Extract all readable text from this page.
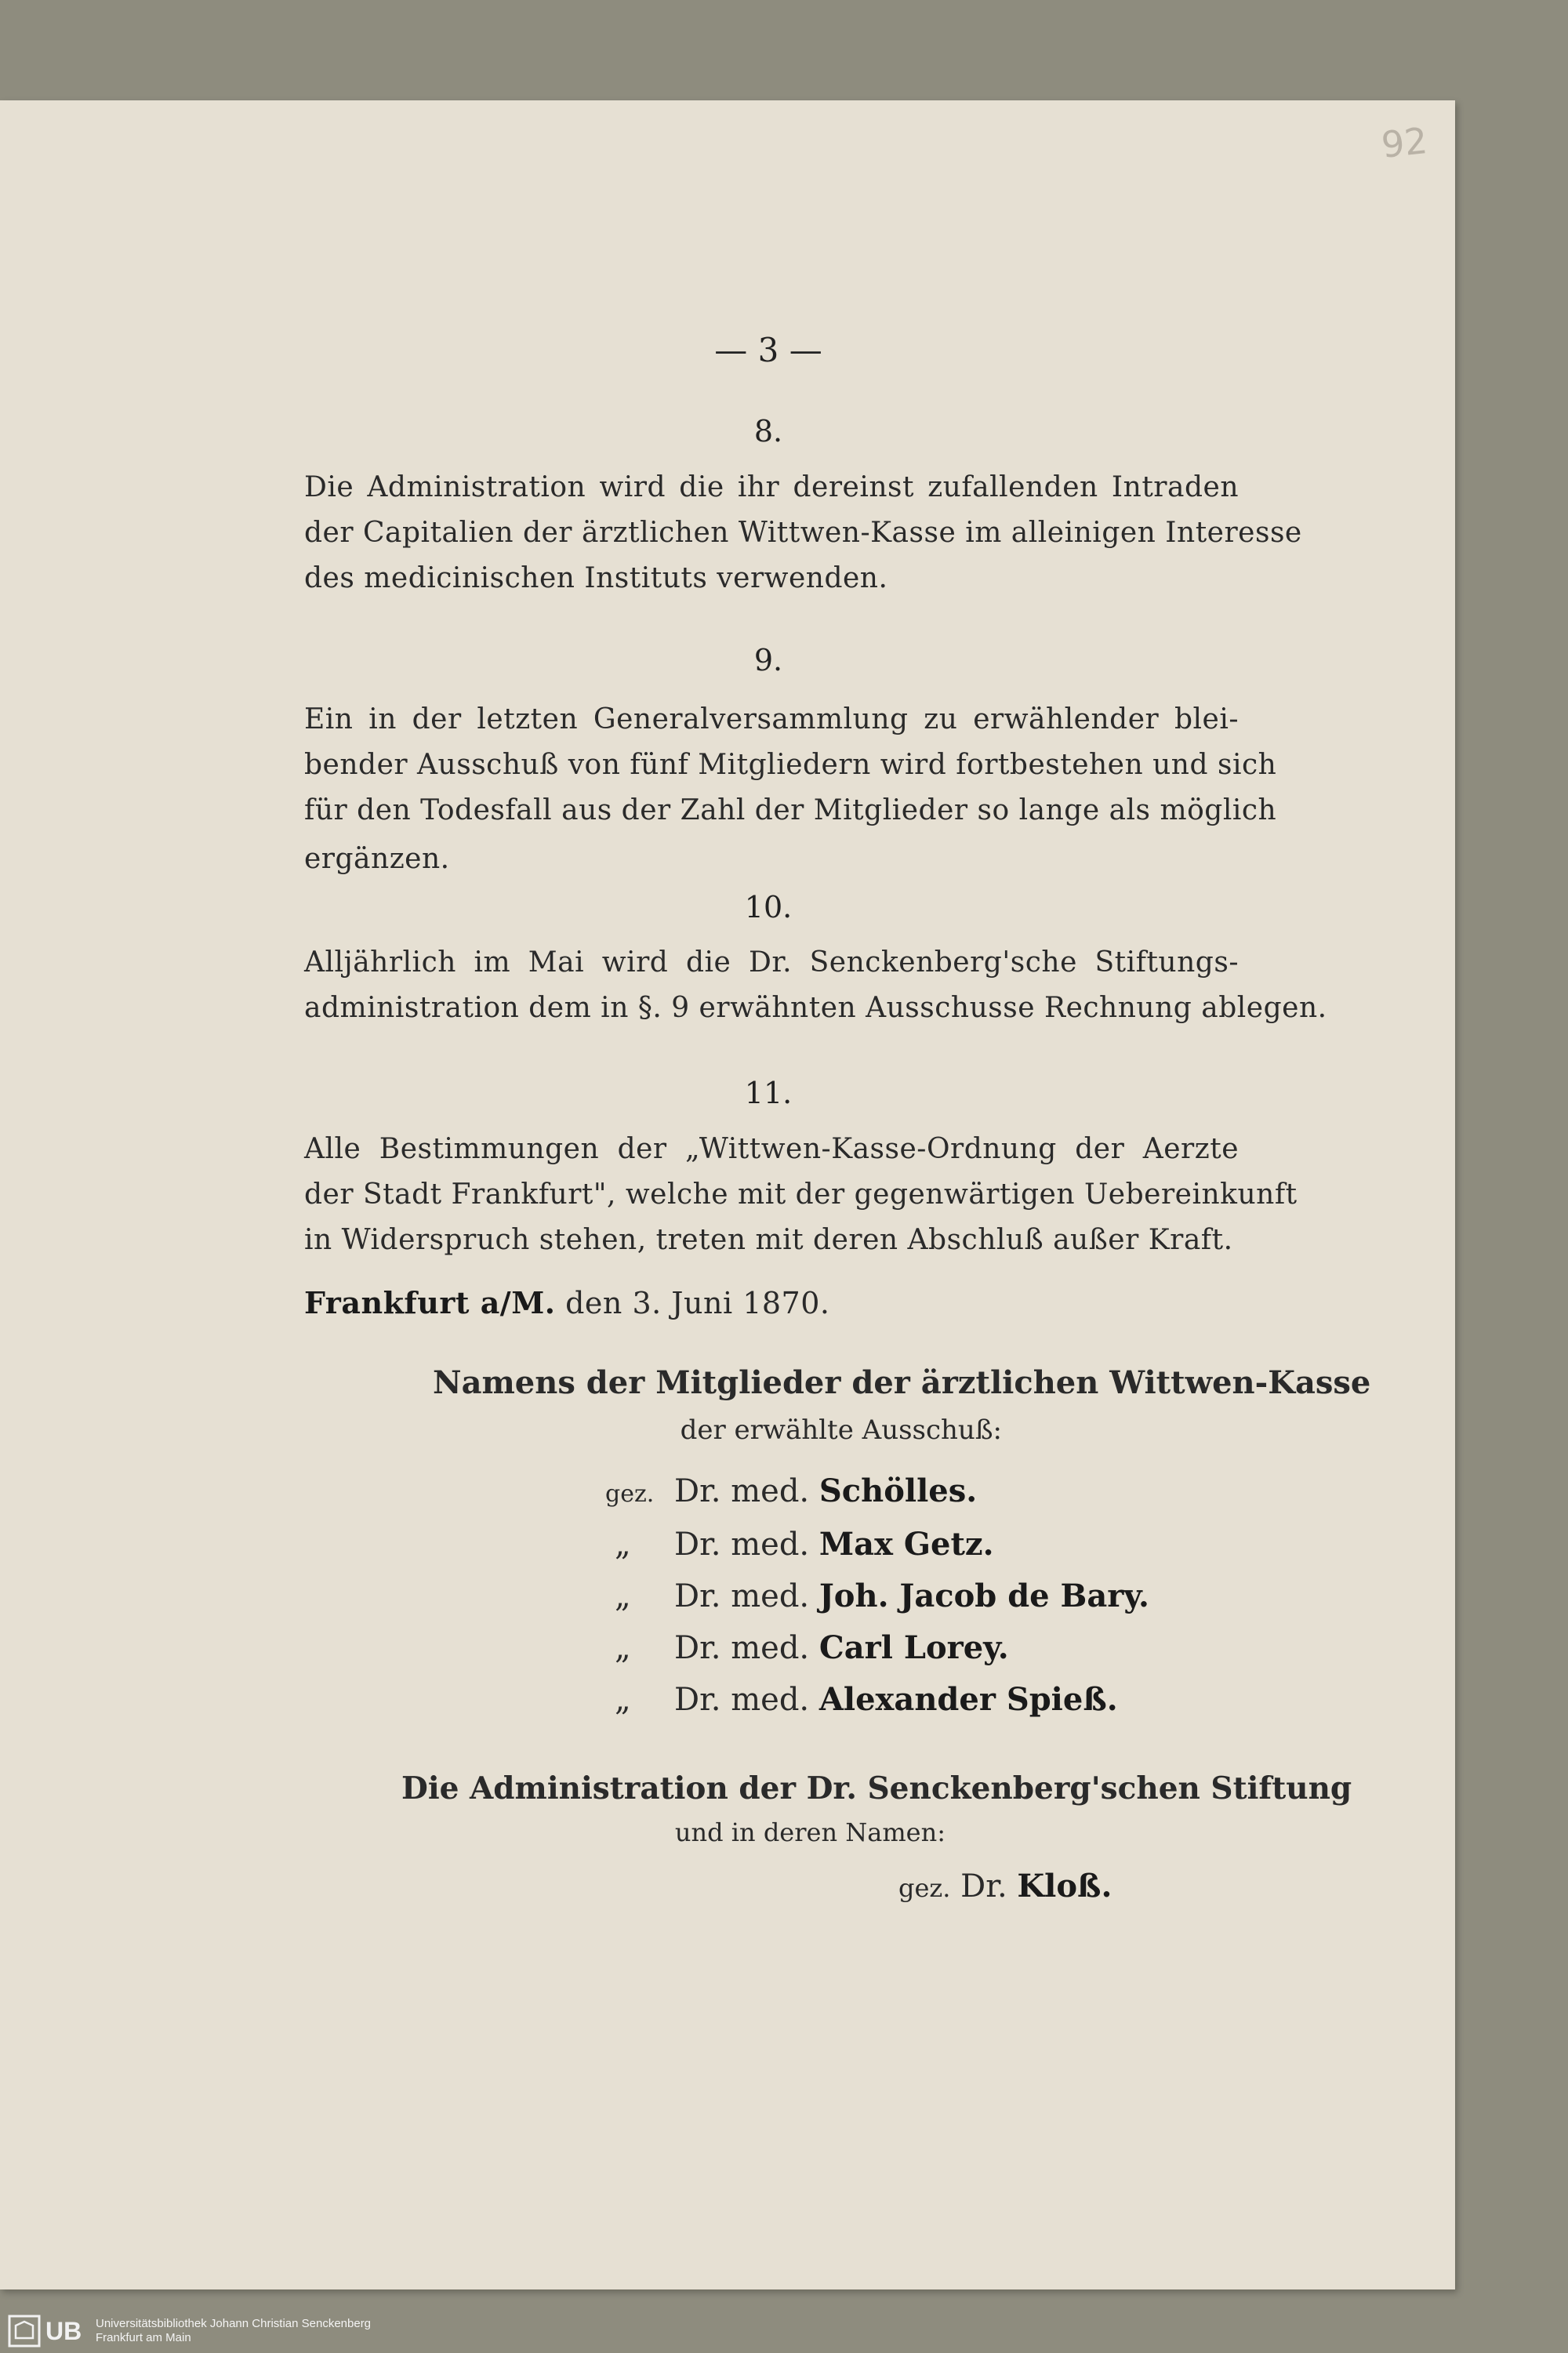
92
— 3 —
8.
Die Administration wird die ihr dereinst zufallenden Intraden
der Capitalien der ärztlichen Wittwen-Kasse im alleinigen Interesse
des medicinischen Instituts verwenden.
9.
Ein in der letzten Generalversammlung zu erwählender blei-
bender Ausschuß von fünf Mitgliedern wird fortbestehen und sich
für den Todesfall aus der Zahl der Mitglieder so lange als möglich
ergänzen.
10.
Alljährlich im Mai wird die Dr. Senckenberg'sche Stiftungs-
administration dem in §. 9 erwähnten Ausschusse Rechnung ablegen.
11.
Alle Bestimmungen der „Wittwen-Kasse-Ordnung der Aerzte
der Stadt Frankfurt", welche mit der gegenwärtigen Uebereinkunft
in Widerspruch stehen, treten mit deren Abschluß außer Kraft.
Frankfurt a/M. den 3. Juni 1870.
Namens der Mitglieder der ärztlichen Wittwen-Kasse
der erwählte Ausschuß:
gez. Dr. med. Schölles.
„ Dr. med. Max Getz.
„ Dr. med. Joh. Jacob de Bary.
„ Dr. med. Carl Lorey.
„ Dr. med. Alexander Spieß.
Die Administration der Dr. Senckenberg'schen Stiftung
und in deren Namen:
gez. Dr. Kloß.
UB Universitätsbibliothek Johann Christian Senckenberg
Frankfurt am Main
